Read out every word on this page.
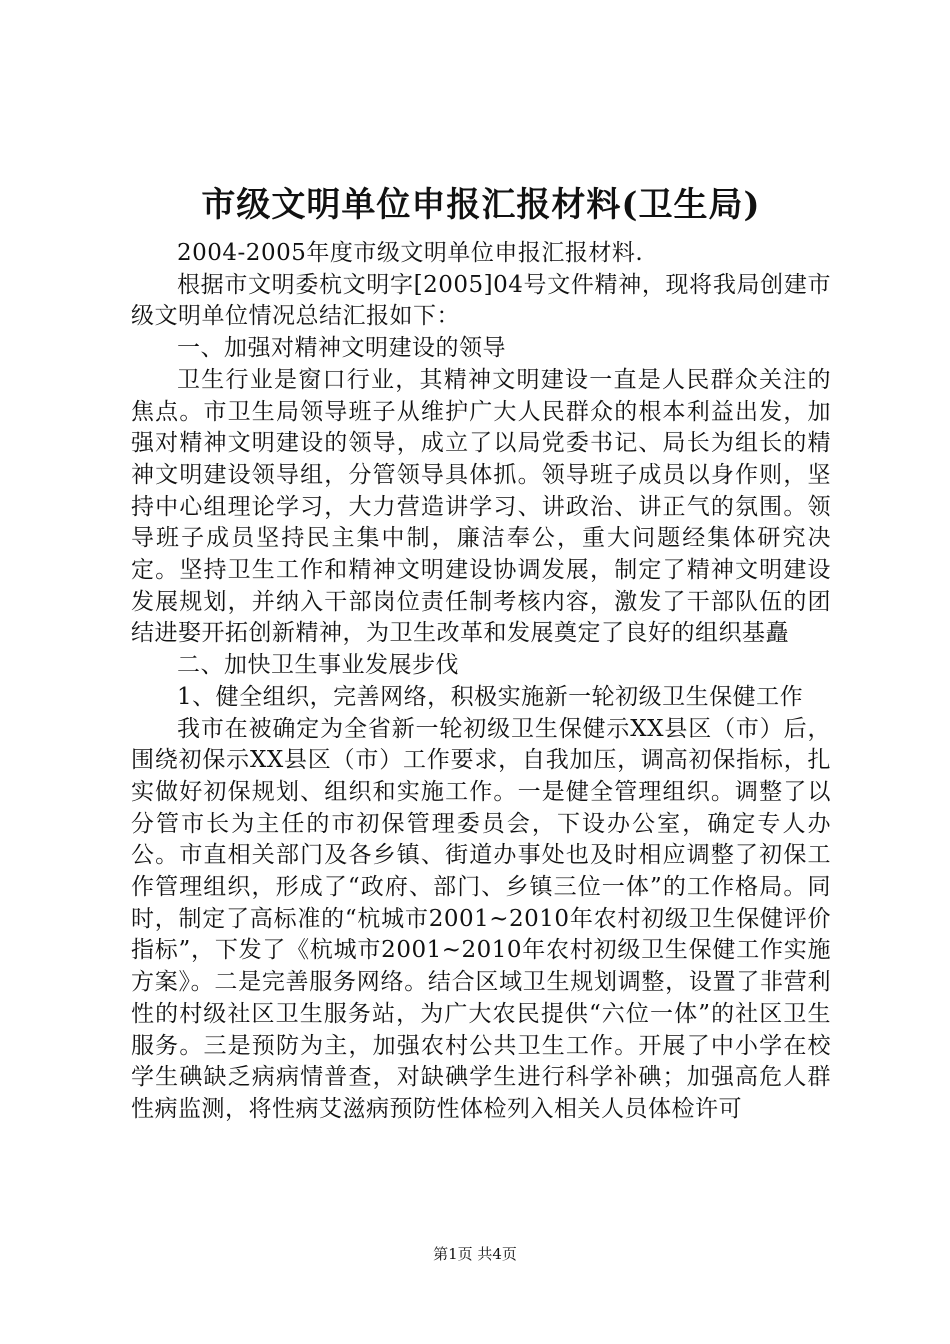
市级文明单位申报汇报材料(卫生局)

2004-2005年度市级文明单位申报汇报材料.

根据市文明委杭文明字[2005]04号文件精神，现将我局创建市级文明单位情况总结汇报如下：

一、加强对精神文明建设的领导

卫生行业是窗口行业，其精神文明建设一直是人民群众关注的焦点。市卫生局领导班子从维护广大人民群众的根本利益出发，加强对精神文明建设的领导，成立了以局党委书记、局长为组长的精神文明建设领导组，分管领导具体抓。领导班子成员以身作则，坚持中心组理论学习，大力营造讲学习、讲政治、讲正气的氛围。领导班子成员坚持民主集中制，廉洁奉公，重大问题经集体研究决定。坚持卫生工作和精神文明建设协调发展，制定了精神文明建设发展规划，并纳入干部岗位责任制考核内容，激发了干部队伍的团结进娶开拓创新精神，为卫生改革和发展奠定了良好的组织基矗

二、加快卫生事业发展步伐

1、健全组织，完善网络，积极实施新一轮初级卫生保健工作

我市在被确定为全省新一轮初级卫生保健示XX县区（市）后，围绕初保示XX县区（市）工作要求，自我加压，调高初保指标，扎实做好初保规划、组织和实施工作。一是健全管理组织。调整了以分管市长为主任的市初保管理委员会，下设办公室，确定专人办公。市直相关部门及各乡镇、街道办事处也及时相应调整了初保工作管理组织，形成了“政府、部门、乡镇三位一体”的工作格局。同时，制定了高标准的“杭城市2001~2010年农村初级卫生保健评价指标”，下发了《杭城市2001~2010年农村初级卫生保健工作实施方案》。二是完善服务网络。结合区域卫生规划调整，设置了非营利性的村级社区卫生服务站，为广大农民提供“六位一体”的社区卫生服务。三是预防为主，加强农村公共卫生工作。开展了中小学在校学生碘缺乏病病情普查，对缺碘学生进行科学补碘；加强高危人群性病监测，将性病艾滋病预防性体检列入相关人员体检许可

第1页 共4页
